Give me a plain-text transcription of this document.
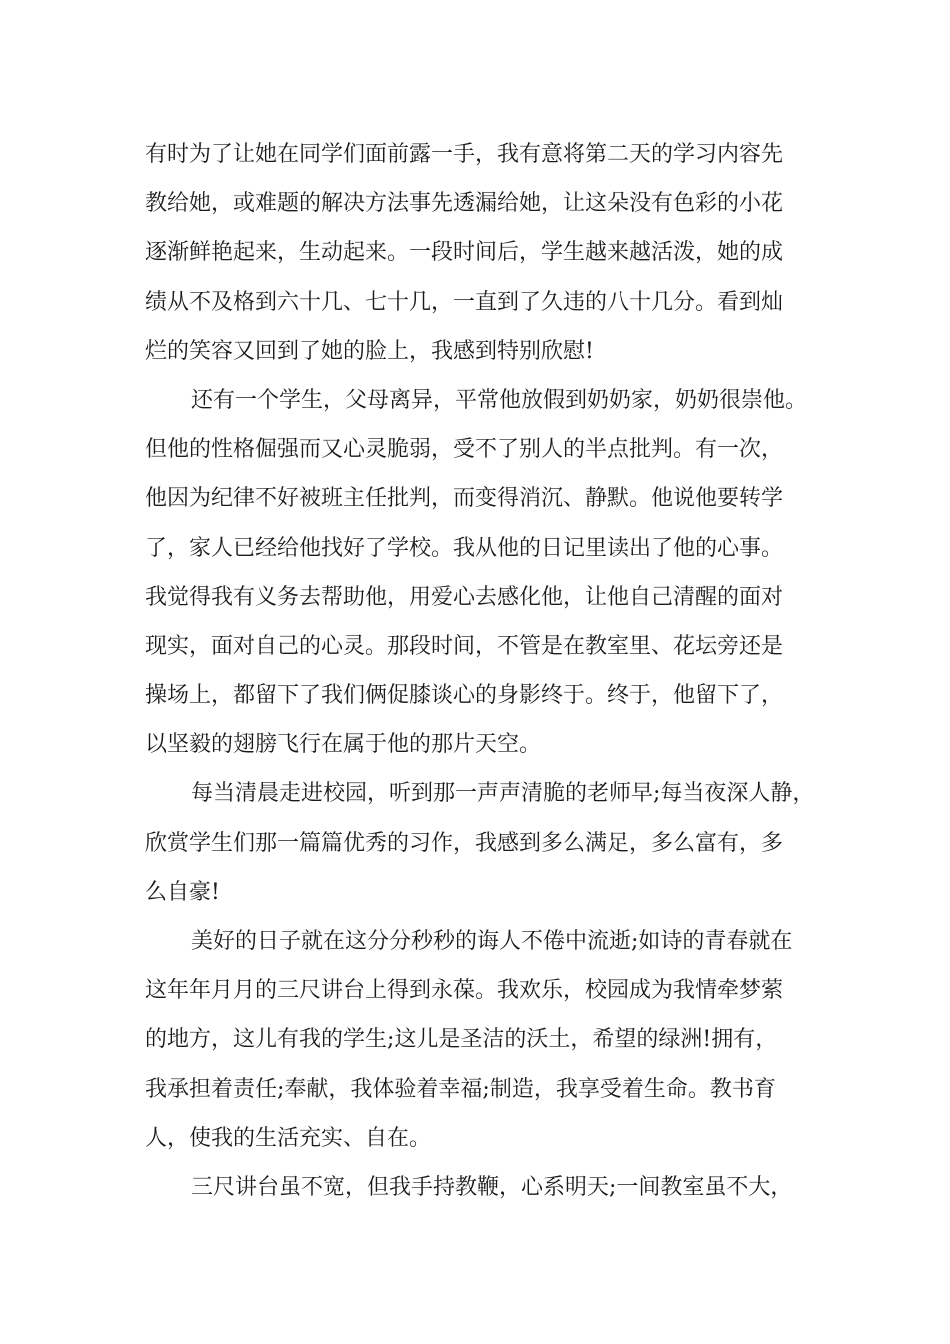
有时为了让她在同学们面前露一手，我有意将第二天的学习内容先
教给她，或难题的解决方法事先透漏给她，让这朵没有色彩的小花
逐渐鲜艳起来，生动起来。一段时间后，学生越来越活泼，她的成
绩从不及格到六十几、七十几，一直到了久违的八十几分。看到灿
烂的笑容又回到了她的脸上，我感到特别欣慰!
还有一个学生，父母离异，平常他放假到奶奶家，奶奶很崇他。
但他的性格倔强而又心灵脆弱，受不了别人的半点批判。有一次，
他因为纪律不好被班主任批判，而变得消沉、静默。他说他要转学
了，家人已经给他找好了学校。我从他的日记里读出了他的心事。
我觉得我有义务去帮助他，用爱心去感化他，让他自己清醒的面对
现实，面对自己的心灵。那段时间，不管是在教室里、花坛旁还是
操场上，都留下了我们俩促膝谈心的身影终于。终于，他留下了，
以坚毅的翅膀飞行在属于他的那片天空。
每当清晨走进校园，听到那一声声清脆的老师早;每当夜深人静，
欣赏学生们那一篇篇优秀的习作，我感到多么满足，多么富有，多
么自豪!
美好的日子就在这分分秒秒的诲人不倦中流逝;如诗的青春就在
这年年月月的三尺讲台上得到永葆。我欢乐，校园成为我情牵梦萦
的地方，这儿有我的学生;这儿是圣洁的沃土，希望的绿洲!拥有，
我承担着责任;奉献，我体验着幸福;制造，我享受着生命。教书育
人，使我的生活充实、自在。
三尺讲台虽不宽，但我手持教鞭，心系明天;一间教室虽不大，
